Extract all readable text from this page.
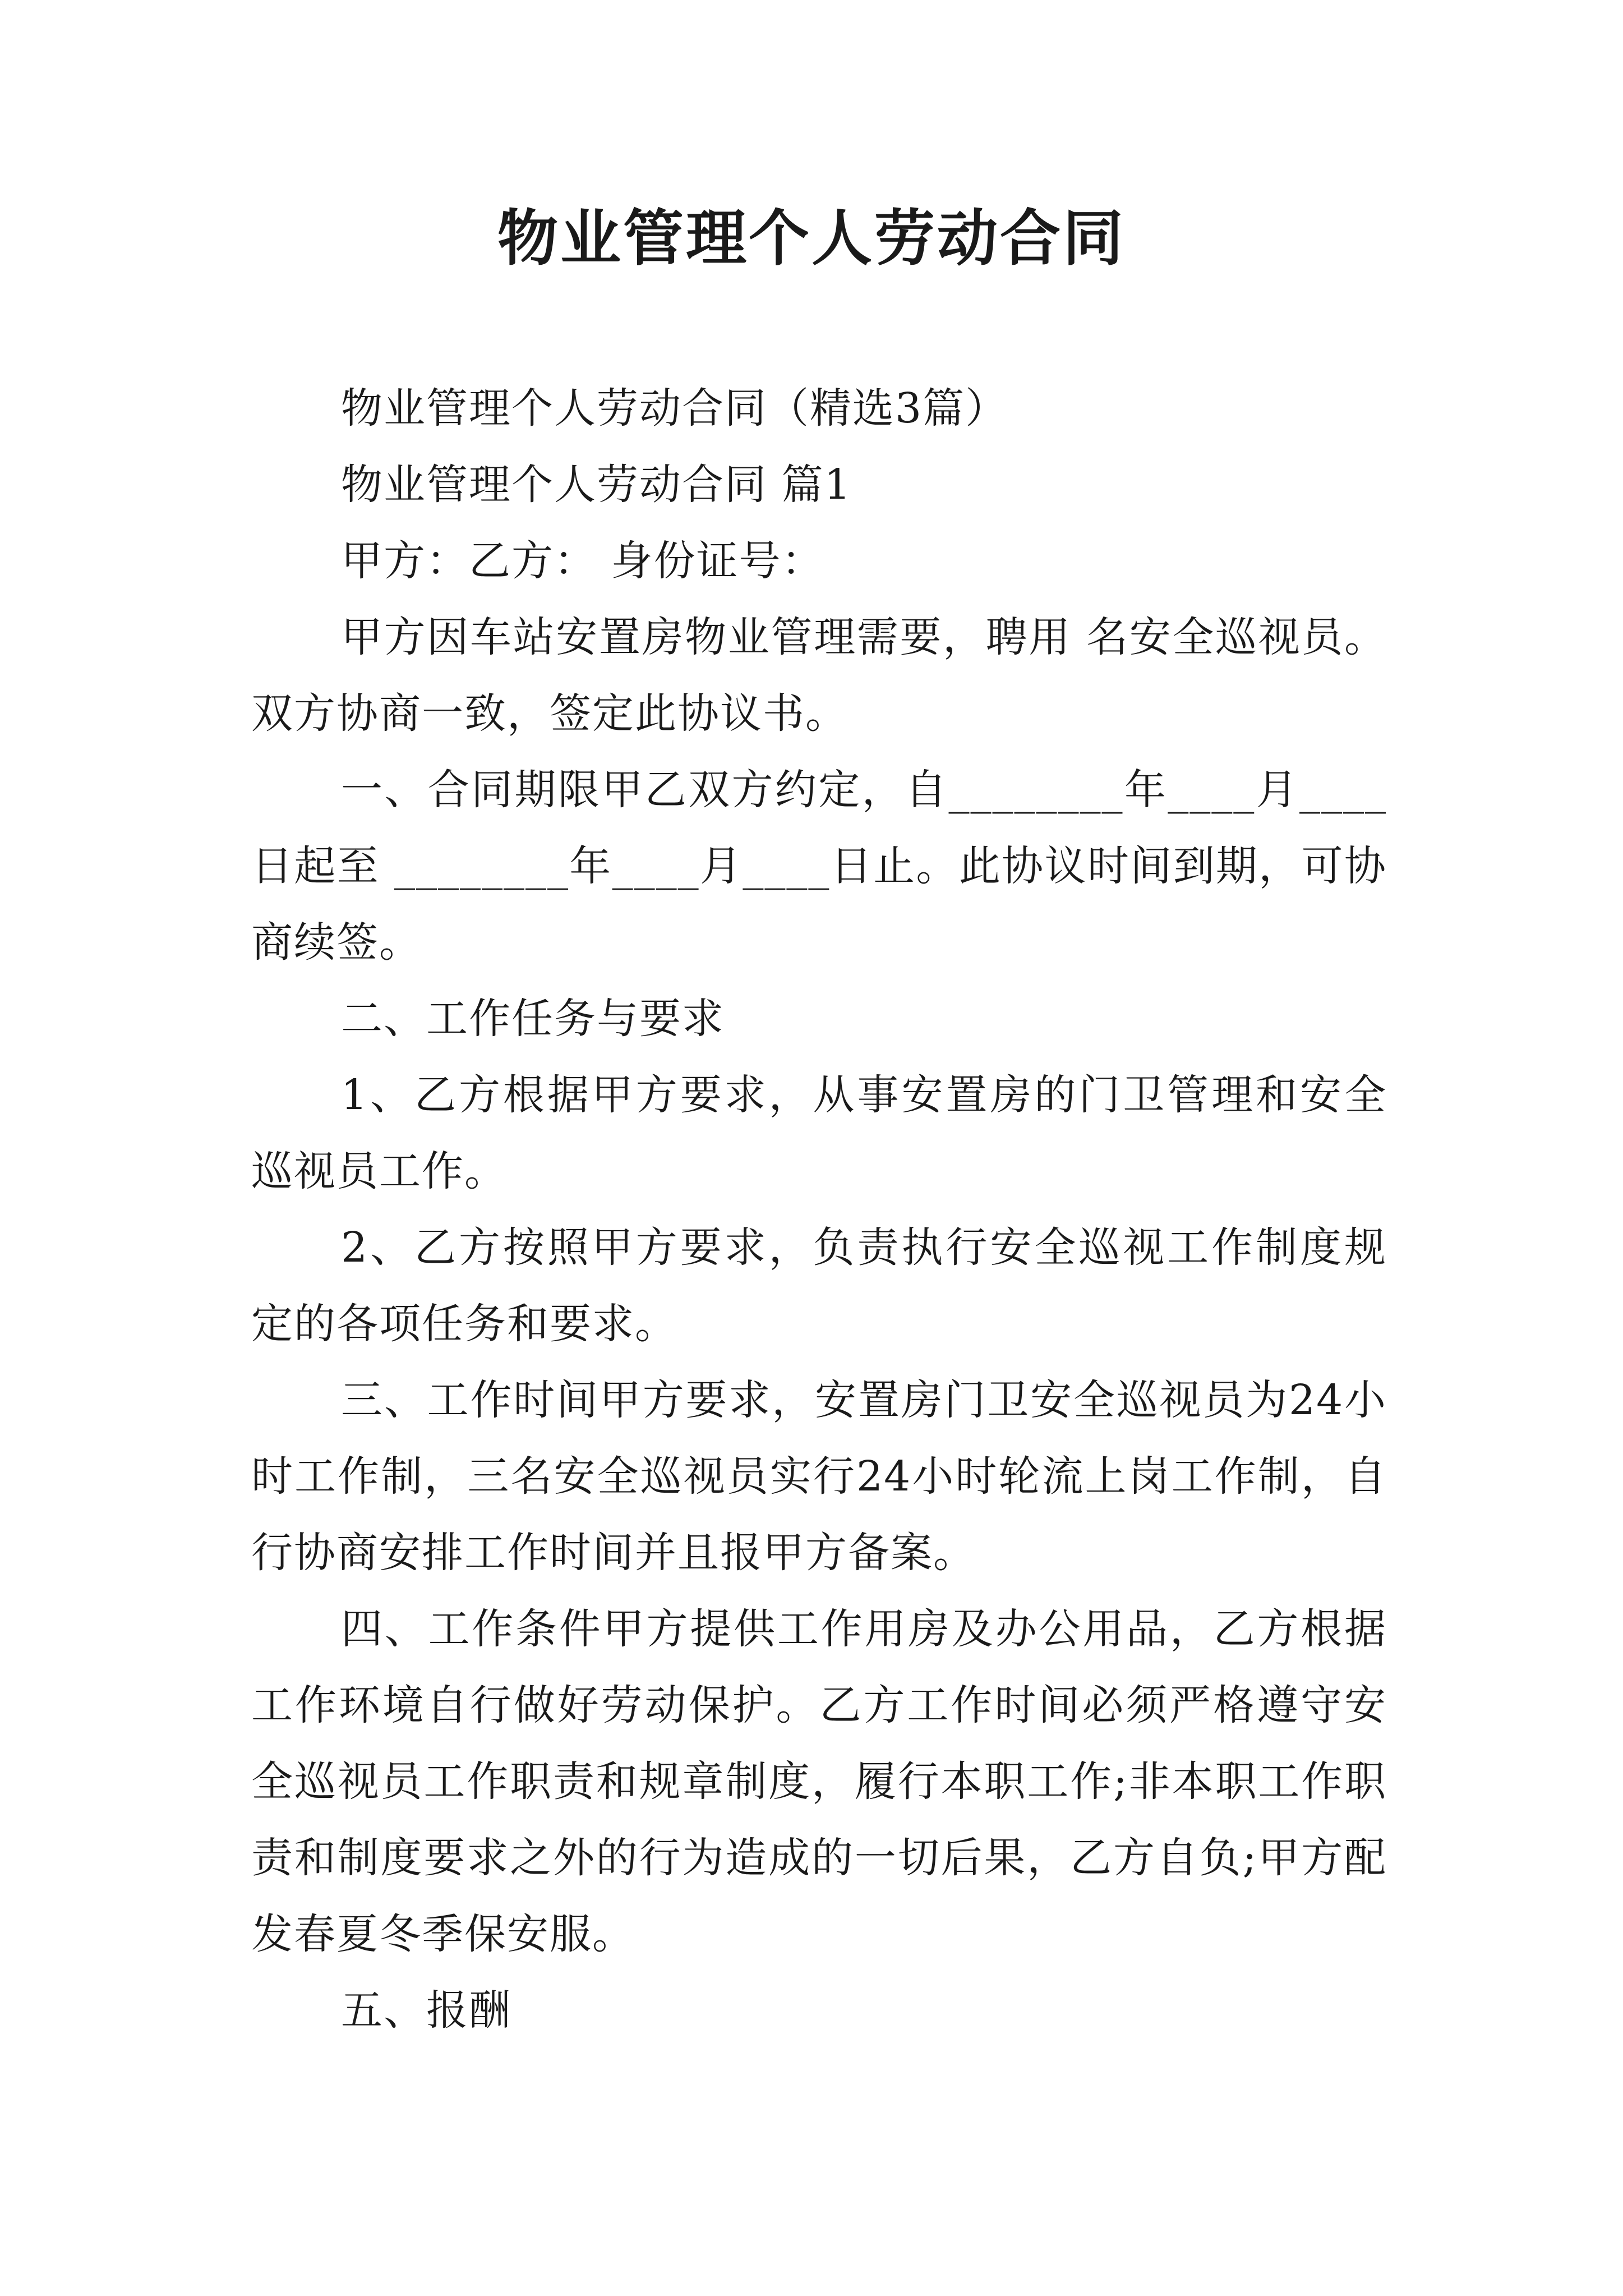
物业管理个人劳动合同

物业管理个人劳动合同（精选3篇）

物业管理个人劳动合同 篇1

甲方：乙方： 身份证号：

甲方因车站安置房物业管理需要，聘用 名安全巡视员。双方协商一致，签定此协议书。

一、合同期限甲乙双方约定，自________年____月____日起至 ________年____月____日止。此协议时间到期，可协商续签。

二、工作任务与要求

1、乙方根据甲方要求，从事安置房的门卫管理和安全巡视员工作。

2、乙方按照甲方要求，负责执行安全巡视工作制度规定的各项任务和要求。

三、工作时间甲方要求，安置房门卫安全巡视员为24小时工作制，三名安全巡视员实行24小时轮流上岗工作制，自行协商安排工作时间并且报甲方备案。

四、工作条件甲方提供工作用房及办公用品，乙方根据工作环境自行做好劳动保护。乙方工作时间必须严格遵守安全巡视员工作职责和规章制度，履行本职工作;非本职工作职责和制度要求之外的行为造成的一切后果，乙方自负;甲方配发春夏冬季保安服。

五、报酬
